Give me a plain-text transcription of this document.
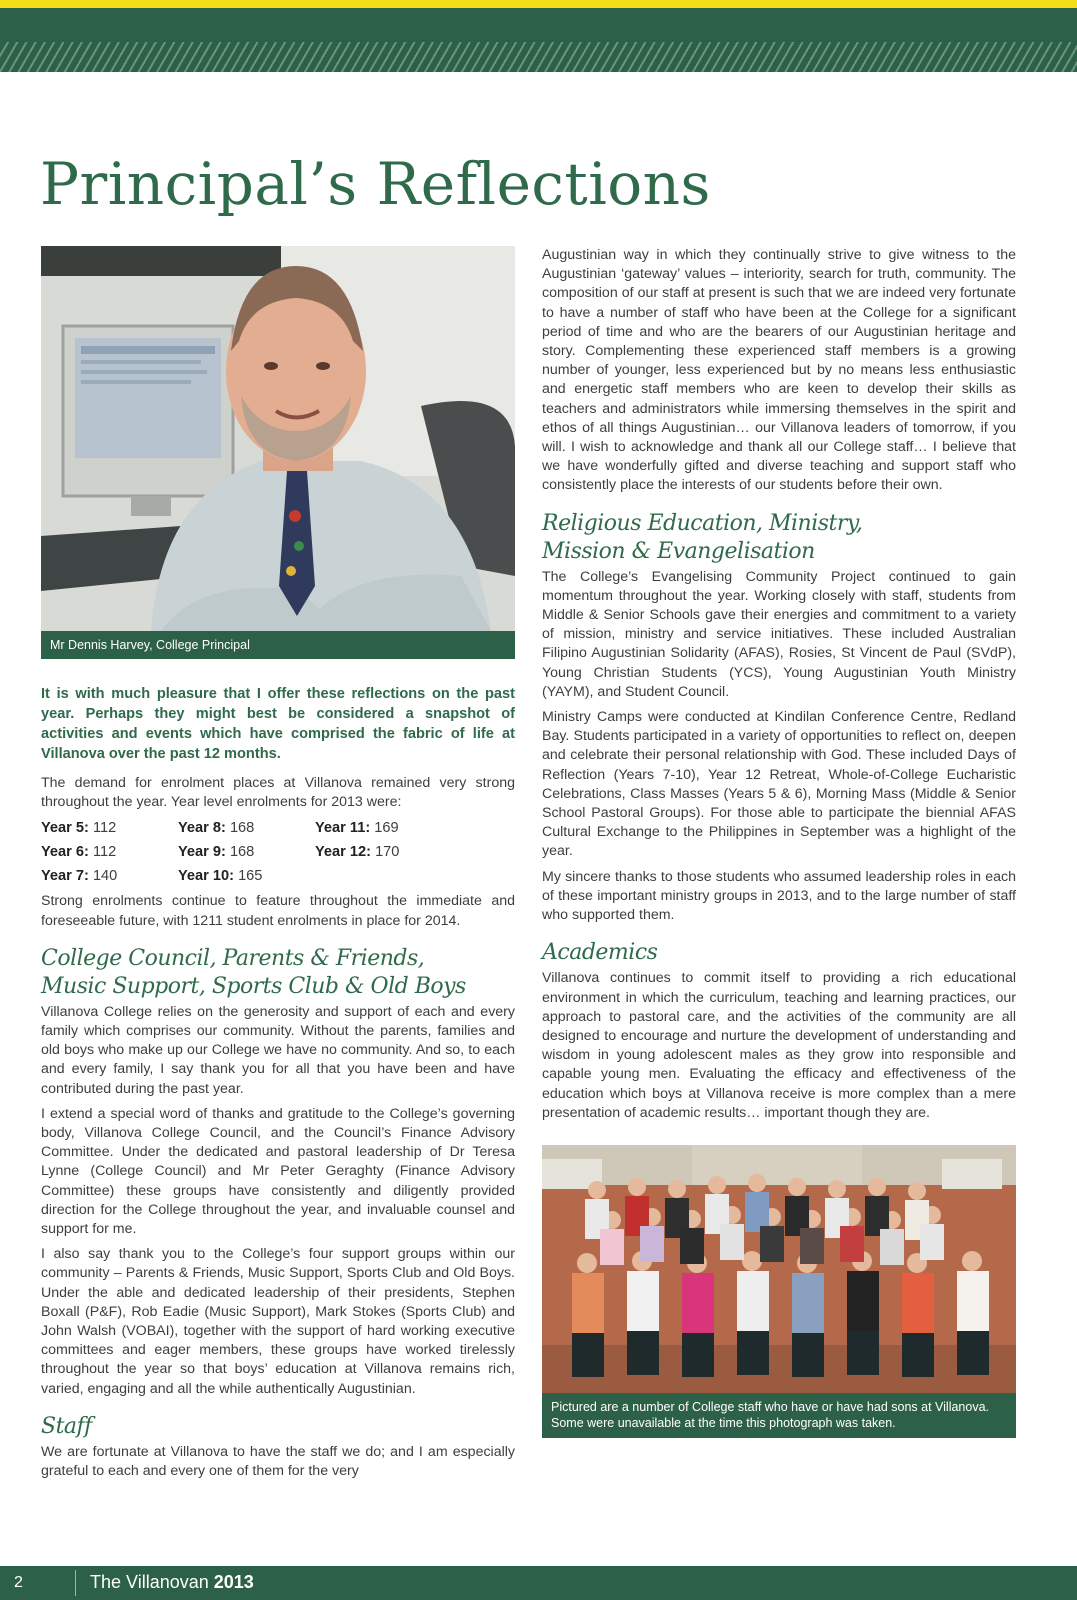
Principal’s Reflections
Mr Dennis Harvey, College Principal

It is with much pleasure that I offer these reflections on the past year. Perhaps they might best be considered a snapshot of activities and events which have comprised the fabric of life at Villanova over the past 12 months.

The demand for enrolment places at Villanova remained very strong throughout the year. Year level enrolments for 2013 were:

Year 5: 112	Year 8: 168	Year 11: 169
Year 6: 112	Year 9: 168	Year 12: 170
Year 7: 140	Year 10: 165

Strong enrolments continue to feature throughout the immediate and foreseeable future, with 1211 student enrolments in place for 2014.

College Council, Parents & Friends,
Music Support, Sports Club & Old Boys

Villanova College relies on the generosity and support of each and every family which comprises our community. Without the parents, families and old boys who make up our College we have no community. And so, to each and every family, I say thank you for all that you have been and have contributed during the past year.

I extend a special word of thanks and gratitude to the College’s governing body, Villanova College Council, and the Council’s Finance Advisory Committee. Under the dedicated and pastoral leadership of Dr Teresa Lynne (College Council) and Mr Peter Geraghty (Finance Advisory Committee) these groups have consistently and diligently provided direction for the College throughout the year, and invaluable counsel and support for me.

I also say thank you to the College’s four support groups within our community – Parents & Friends, Music Support, Sports Club and Old Boys. Under the able and dedicated leadership of their presidents, Stephen Boxall (P&F), Rob Eadie (Music Support), Mark Stokes (Sports Club) and John Walsh (VOBAI), together with the support of hard working executive committees and eager members, these groups have worked tirelessly throughout the year so that boys’ education at Villanova remains rich, varied, engaging and all the while authentically Augustinian.

Staff

We are fortunate at Villanova to have the staff we do; and I am especially grateful to each and every one of them for the very

Augustinian way in which they continually strive to give witness to the Augustinian ‘gateway’ values – interiority, search for truth, community. The composition of our staff at present is such that we are indeed very fortunate to have a number of staff who have been at the College for a significant period of time and who are the bearers of our Augustinian heritage and story. Complementing these experienced staff members is a growing number of younger, less experienced but by no means less enthusiastic and energetic staff members who are keen to develop their skills as teachers and administrators while immersing themselves in the spirit and ethos of all things Augustinian… our Villanova leaders of tomorrow, if you will. I wish to acknowledge and thank all our College staff… I believe that we have wonderfully gifted and diverse teaching and support staff who consistently place the interests of our students before their own.

Religious Education, Ministry,
Mission & Evangelisation

The College’s Evangelising Community Project continued to gain momentum throughout the year. Working closely with staff, students from Middle & Senior Schools gave their energies and commitment to a variety of mission, ministry and service initiatives. These included Australian Filipino Augustinian Solidarity (AFAS), Rosies, St Vincent de Paul (SVdP), Young Christian Students (YCS), Young Augustinian Youth Ministry (YAYM), and Student Council.

Ministry Camps were conducted at Kindilan Conference Centre, Redland Bay. Students participated in a variety of opportunities to reflect on, deepen and celebrate their personal relationship with God. These included Days of Reflection (Years 7-10), Year 12 Retreat, Whole-of-College Eucharistic Celebrations, Class Masses (Years 5 & 6), Morning Mass (Middle & Senior School Pastoral Groups). For those able to participate the biennial AFAS Cultural Exchange to the Philippines in September was a highlight of the year.

My sincere thanks to those students who assumed leadership roles in each of these important ministry groups in 2013, and to the large number of staff who supported them.

Academics

Villanova continues to commit itself to providing a rich educational environment in which the curriculum, teaching and learning practices, our approach to pastoral care, and the activities of the community are all designed to encourage and nurture the development of understanding and wisdom in young adolescent males as they grow into responsible and capable young men. Evaluating the efficacy and effectiveness of the education which boys at Villanova receive is more complex than a mere presentation of academic results… important though they are.

Pictured are a number of College staff who have or have had sons at Villanova. Some were unavailable at the time this photograph was taken.
2	The Villanovan 2013
